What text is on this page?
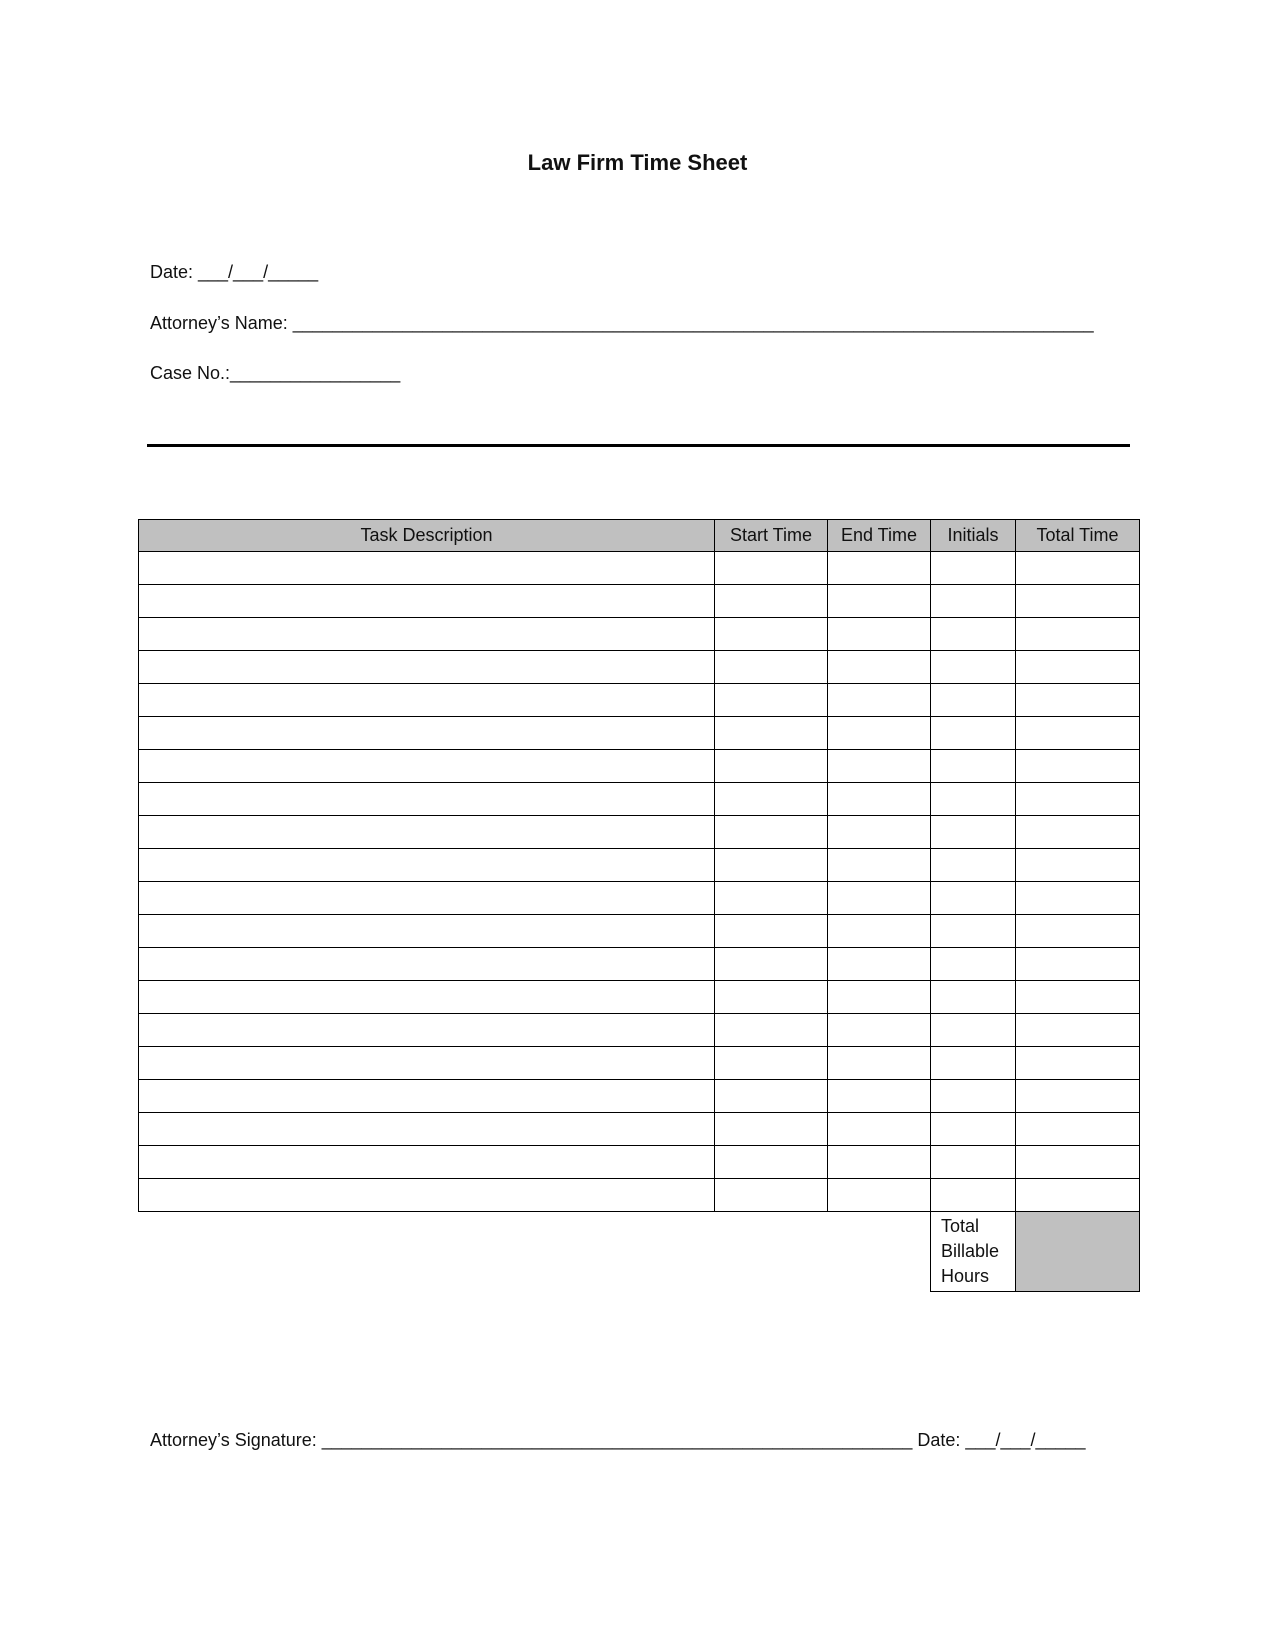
Law Firm Time Sheet

Date: ___/___/_____

Attorney’s Name: ________________________________________________________________________________

Case No.:_________________

Task Description	Start Time	End Time	Initials	Total Time

			Total Billable Hours	

Attorney’s Signature: ___________________________________________________________ Date: ___/___/_____
